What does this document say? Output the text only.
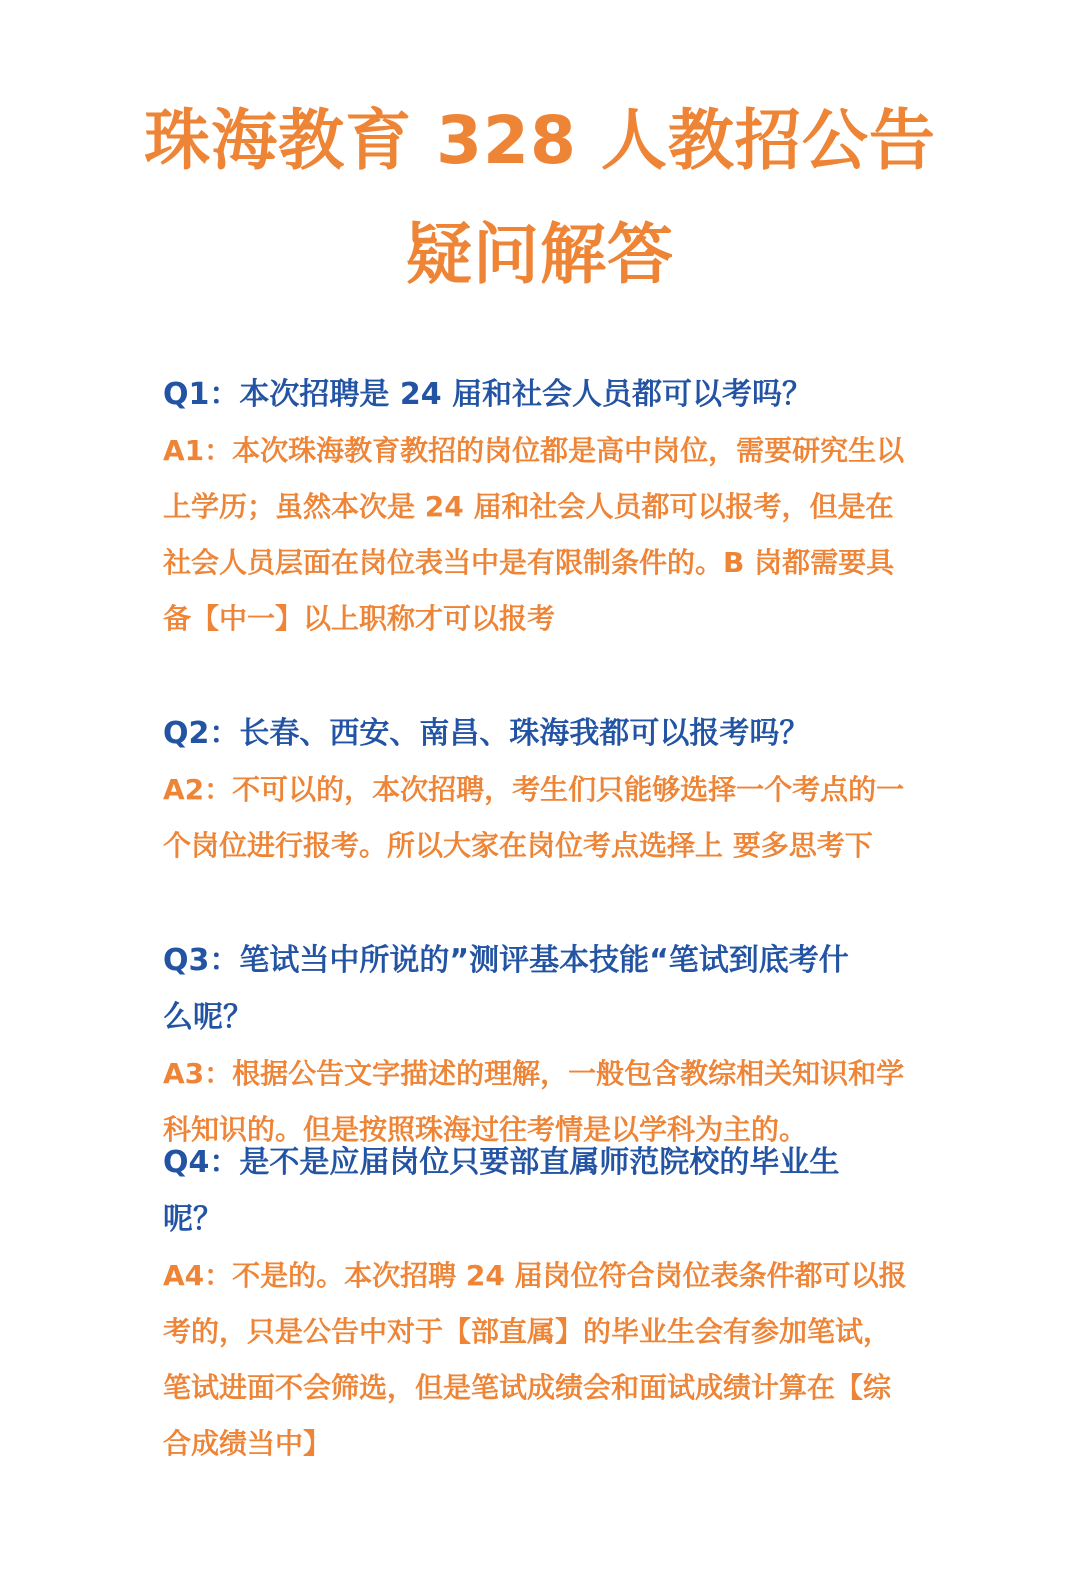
珠海教育 328 人教招公告
疑问解答
Q1：本次招聘是 24 届和社会人员都可以考吗？
A1：本次珠海教育教招的岗位都是高中岗位，需要研究生以
上学历；虽然本次是 24 届和社会人员都可以报考，但是在
社会人员层面在岗位表当中是有限制条件的。B 岗都需要具
备【中一】以上职称才可以报考
Q2：长春、西安、南昌、珠海我都可以报考吗？
A2：不可以的，本次招聘，考生们只能够选择一个考点的一
个岗位进行报考。所以大家在岗位考点选择上 要多思考下
Q3：笔试当中所说的”测评基本技能“笔试到底考什
么呢？
A3：根据公告文字描述的理解，一般包含教综相关知识和学
科知识的。但是按照珠海过往考情是以学科为主的。
Q4：是不是应届岗位只要部直属师范院校的毕业生
呢？
A4：不是的。本次招聘 24 届岗位符合岗位表条件都可以报
考的，只是公告中对于【部直属】的毕业生会有参加笔试，
笔试进面不会筛选，但是笔试成绩会和面试成绩计算在【综
合成绩当中】
